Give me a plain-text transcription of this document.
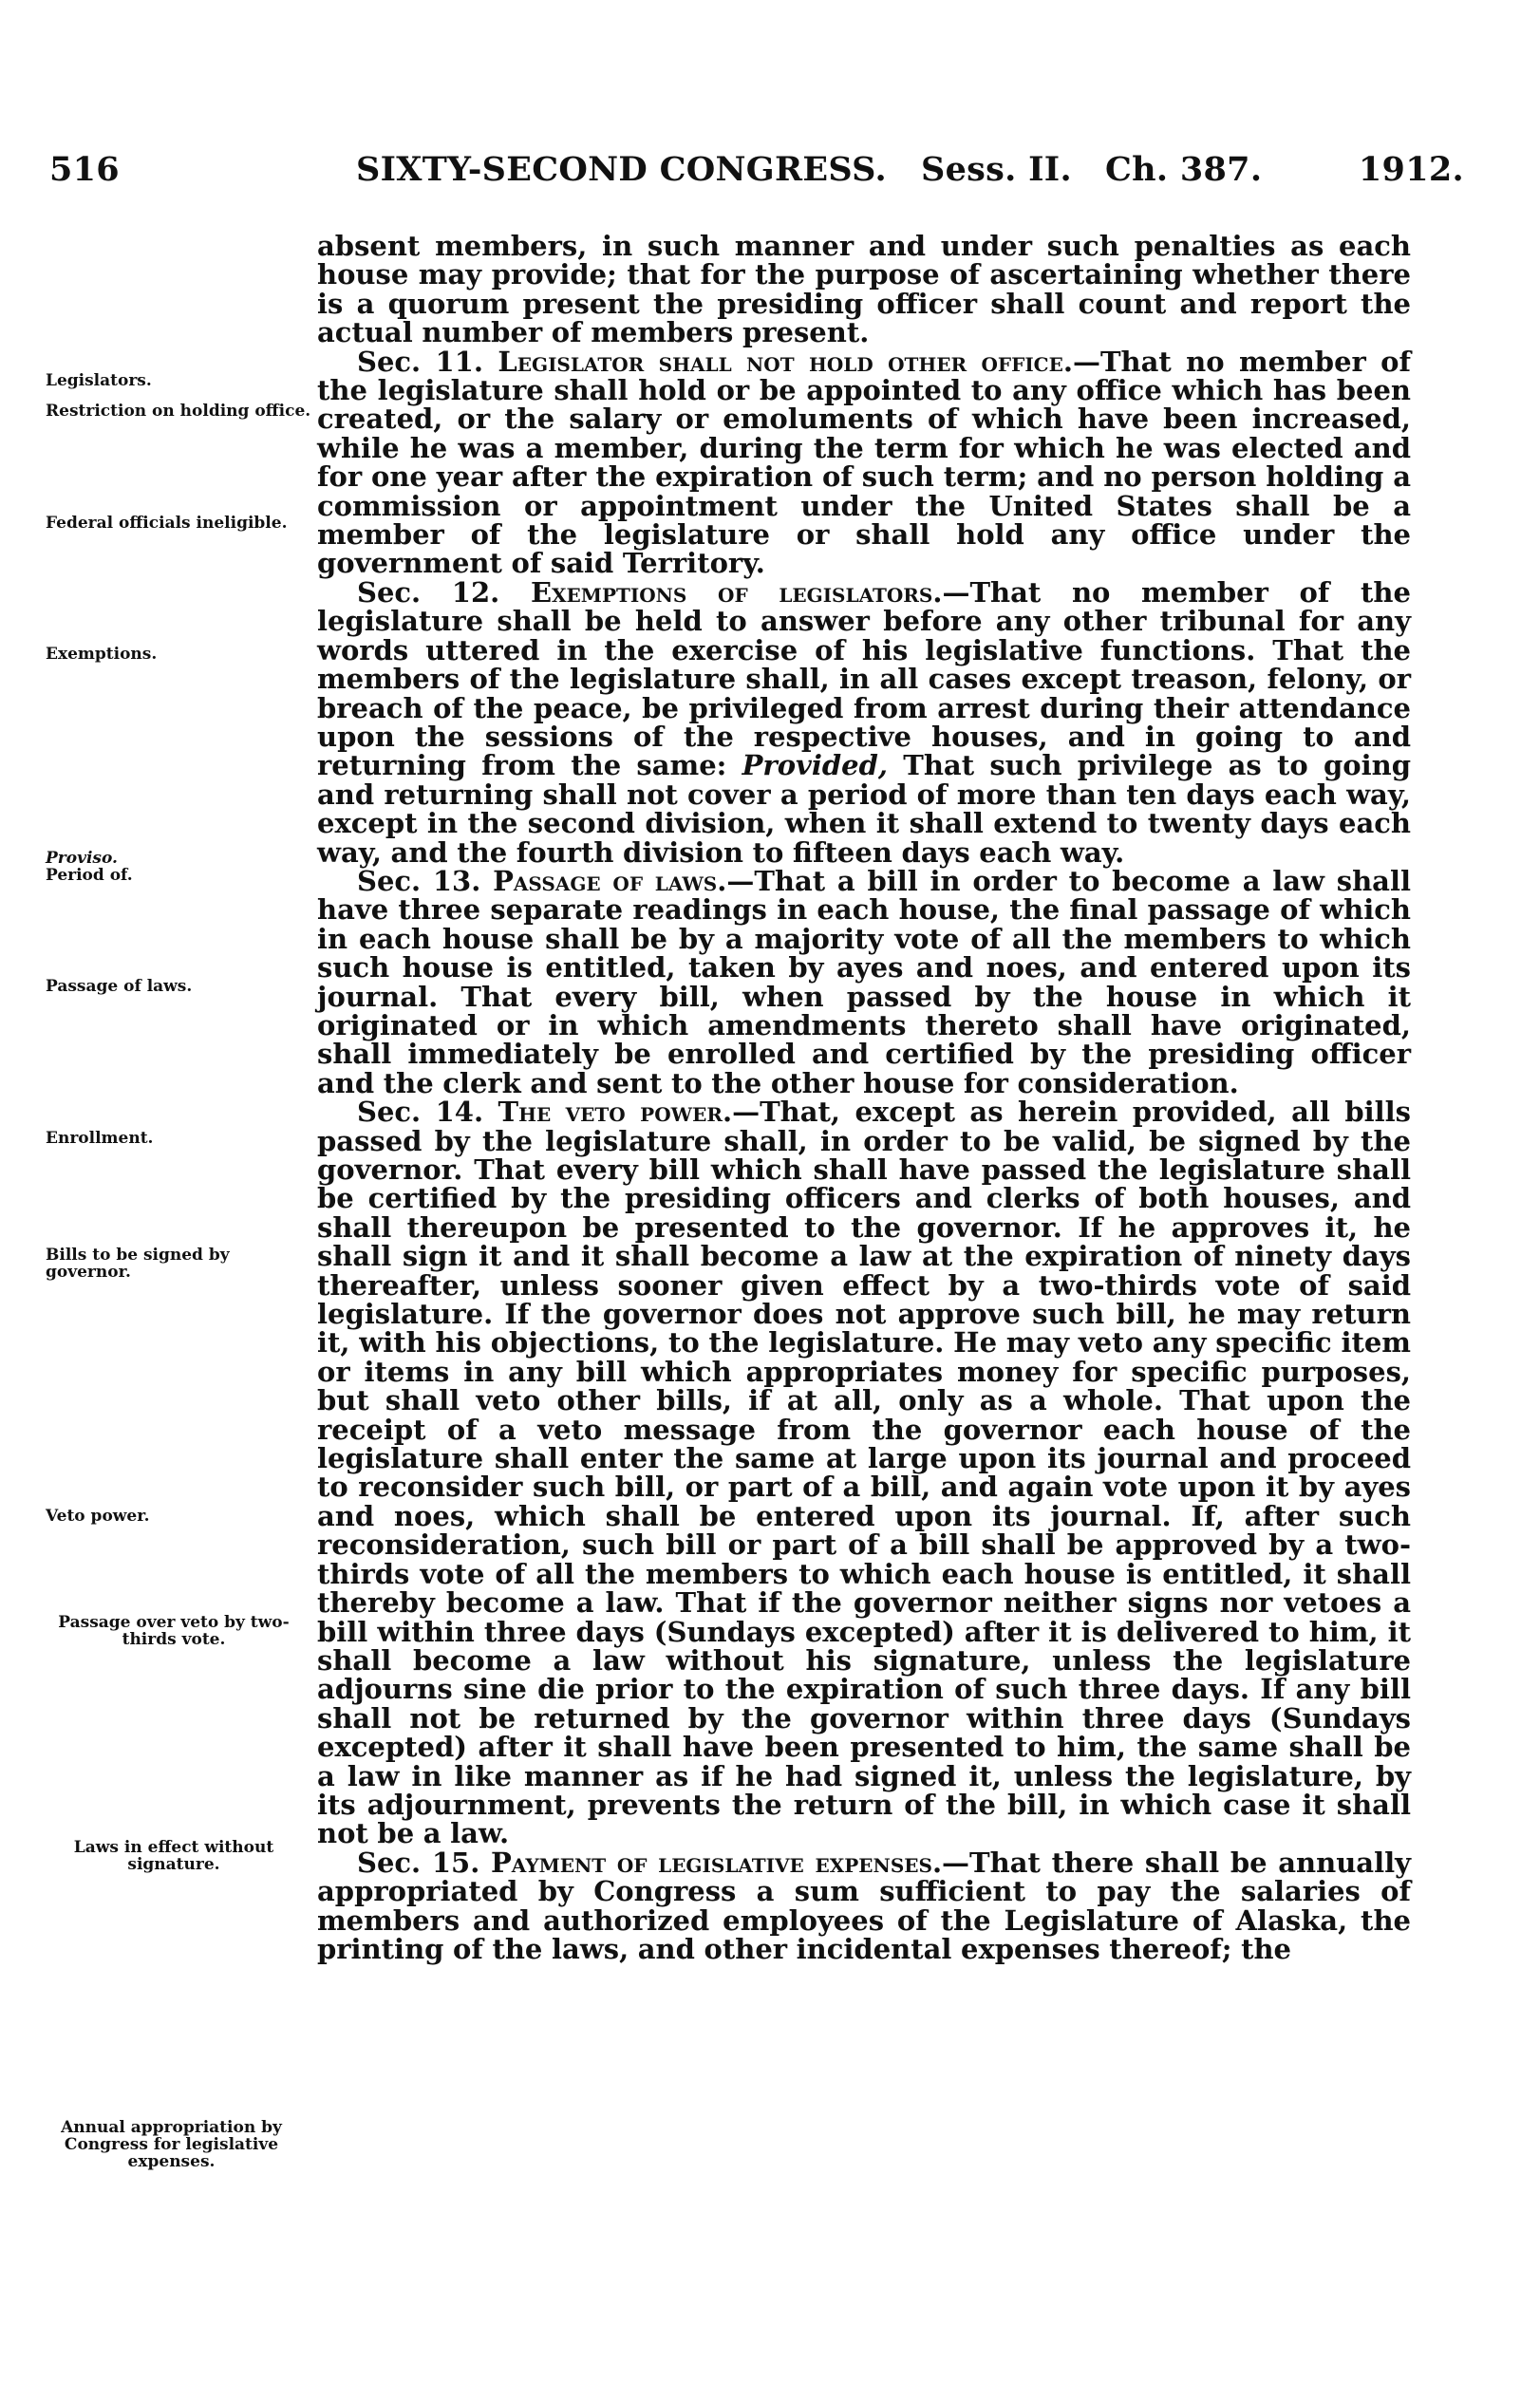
516	SIXTY-SECOND CONGRESS. Sess. II. Ch. 387.	1912.
Legislators.
Restriction on holding office.
Federal officials ineligible.
Exemptions.
Proviso.
Period of.
Passage of laws.
Enrollment.
Bills to be signed by governor.
Veto power.
Passage over veto by two-thirds vote.
Laws in effect without signature.
Annual appropriation by Congress for legislative expenses.

absent members, in such manner and under such penalties as each house may provide; that for the purpose of ascertaining whether there is a quorum present the presiding officer shall count and report the actual number of members present.

Sec. 11. Legislator shall not hold other office.—That no member of the legislature shall hold or be appointed to any office which has been created, or the salary or emoluments of which have been increased, while he was a member, during the term for which he was elected and for one year after the expiration of such term; and no person holding a commission or appointment under the United States shall be a member of the legislature or shall hold any office under the government of said Territory.

Sec. 12. Exemptions of legislators.—That no member of the legislature shall be held to answer before any other tribunal for any words uttered in the exercise of his legislative functions. That the members of the legislature shall, in all cases except treason, felony, or breach of the peace, be privileged from arrest during their attendance upon the sessions of the respective houses, and in going to and returning from the same: Provided, That such privilege as to going and returning shall not cover a period of more than ten days each way, except in the second division, when it shall extend to twenty days each way, and the fourth division to fifteen days each way.

Sec. 13. Passage of laws.—That a bill in order to become a law shall have three separate readings in each house, the final passage of which in each house shall be by a majority vote of all the members to which such house is entitled, taken by ayes and noes, and entered upon its journal. That every bill, when passed by the house in which it originated or in which amendments thereto shall have originated, shall immediately be enrolled and certified by the presiding officer and the clerk and sent to the other house for consideration.

Sec. 14. The veto power.—That, except as herein provided, all bills passed by the legislature shall, in order to be valid, be signed by the governor. That every bill which shall have passed the legislature shall be certified by the presiding officers and clerks of both houses, and shall thereupon be presented to the governor. If he approves it, he shall sign it and it shall become a law at the expiration of ninety days thereafter, unless sooner given effect by a two-thirds vote of said legislature. If the governor does not approve such bill, he may return it, with his objections, to the legislature. He may veto any specific item or items in any bill which appropriates money for specific purposes, but shall veto other bills, if at all, only as a whole. That upon the receipt of a veto message from the governor each house of the legislature shall enter the same at large upon its journal and proceed to reconsider such bill, or part of a bill, and again vote upon it by ayes and noes, which shall be entered upon its journal. If, after such reconsideration, such bill or part of a bill shall be approved by a two-thirds vote of all the members to which each house is entitled, it shall thereby become a law. That if the governor neither signs nor vetoes a bill within three days (Sundays excepted) after it is delivered to him, it shall become a law without his signature, unless the legislature adjourns sine die prior to the expiration of such three days. If any bill shall not be returned by the governor within three days (Sundays excepted) after it shall have been presented to him, the same shall be a law in like manner as if he had signed it, unless the legislature, by its adjournment, prevents the return of the bill, in which case it shall not be a law.

Sec. 15. Payment of legislative expenses.—That there shall be annually appropriated by Congress a sum sufficient to pay the salaries of members and authorized employees of the Legislature of Alaska, the printing of the laws, and other incidental expenses thereof; the
